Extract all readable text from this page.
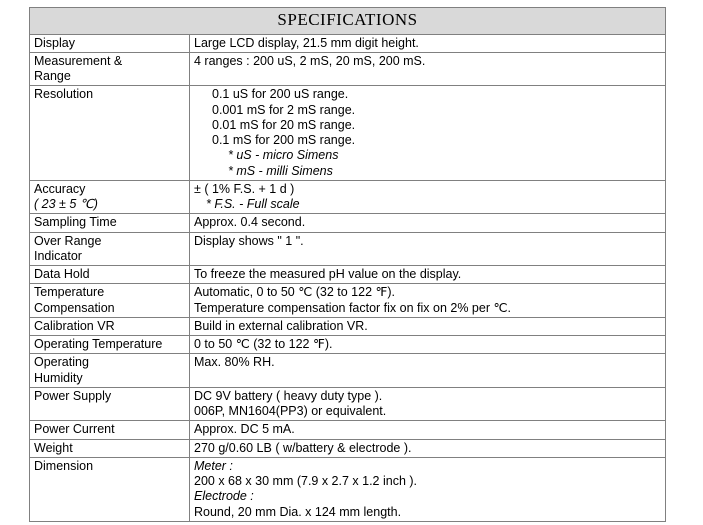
SPECIFICATIONS	
Display	Large LCD display, 21.5 mm digit height.

Measurement &
Range	4 ranges : 200 uS, 2 mS, 20 mS, 200 mS.

Resolution	0.1 uS for 200 uS range.
0.001 mS for 2 mS range.
0.01 mS for 20 mS range.
0.1 mS for 200 mS range.
* uS - micro Simens
* mS - milli Simens

Accuracy
( 23 ± 5 ℃)	± ( 1% F.S. + 1 d )
* F.S. - Full scale

Sampling Time	Approx. 0.4 second.

Over Range
Indicator	Display shows " 1 ".

Data Hold	To freeze the measured pH value on the display.

Temperature
Compensation	Automatic, 0 to 50 ℃ (32 to 122 ℉).
Temperature compensation factor fix on fix on 2% per ℃.

Calibration VR	Build in external calibration VR.

Operating Temperature	0 to 50 ℃ (32 to 122 ℉).

Operating
Humidity	Max. 80% RH.

Power Supply	DC 9V battery ( heavy duty type ).
006P, MN1604(PP3) or equivalent.

Power Current	Approx. DC 5 mA.

Weight	270 g/0.60 LB ( w/battery & electrode ).

Dimension	Meter :
200 x 68 x 30 mm (7.9 x 2.7 x 1.2 inch ).
Electrode :
Round, 20 mm Dia. x 124 mm length.
